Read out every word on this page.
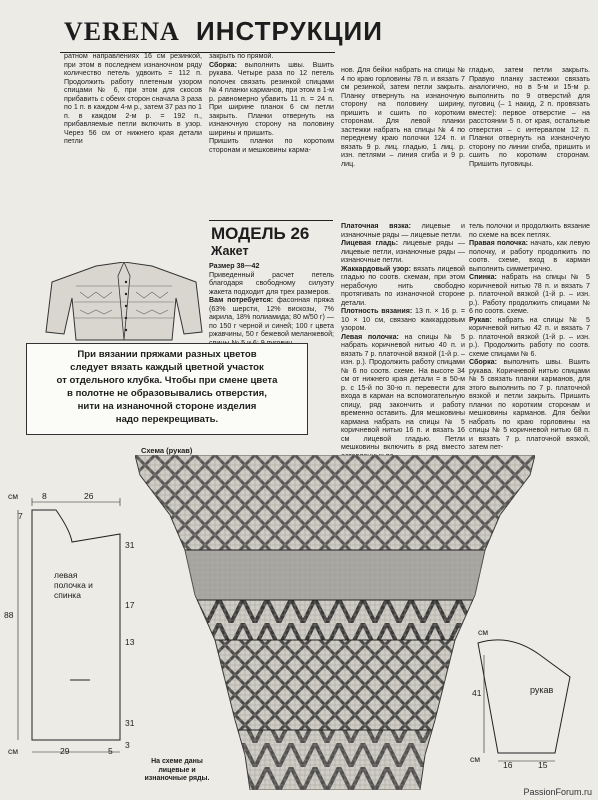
VERENA ИНСТРУКЦИИ

ратном направлениях 16 см резинкой, при этом в последнем изнаночном ряду количество петель удвоить = 112 п. Продолжить работу плетеным узором спицами № 6, при этом для скосов прибавить с обеих сторон сначала 3 раза по 1 п. в каждом 4-м р., затем 37 раз по 1 п. в каждом 2-м р. = 192 п., прибавляемые петли включить в узор. Через 56 см от нижнего края детали петли

закрыть по прямой.

Сборка: выполнить швы. Вшить рукава. Четыре раза по 12 петель полочек связать резинкой спицами № 4 планки карманов, при этом в 1-м р. равномерно убавить 11 п. = 24 п. При ширине планок 6 см петли закрыть. Планки отвернуть на изнаночную сторону на половину ширины и пришить.

Пришить планки по коротким сторонам и мешковины карма-

нов. Для бейки набрать на спицы № 4 по краю горловины 78 п. и вязать 7 см резинкой, затем петли закрыть. Планку отвернуть на изнаночную сторону на половину ширину, пришить и сшить по коротким сторонам. Для левой планки застежки набрать на спицы № 4 по переднему краю полочки 124 п. и вязать 9 р. лиц. гладью, 1 лиц. р. изн. петлями – линия сгиба и 9 р. лиц.

гладью, затем петли закрыть. Правую планку застежки связать аналогично, но в 5-м и 15-м р. выполнить по 9 отверстий для пуговиц (– 1 накид, 2 п. провязать вместе): первое отверстие – на расстоянии 5 п. от края, остальные отверстия – с интервалом 12 п. Планки отвернуть на изнаночную сторону по линии сгиба, пришить и сшить по коротким сторонам. Пришить пуговицы.

МОДЕЛЬ 26
Жакет

Размер 38—42

Приведенный расчет петель благодаря свободному силуэту жакета подходит для трех размеров.

Вам потребуется: фасонная пряжа (63% шерсти, 12% вискозы, 7% акрила, 18% полиамида; 80 м/50 г) — по 150 г черной и синей; 100 г цвета ржавчины, 50 г бежевой меланжевой;

При вязании пряжами разных цветов
следует вязать каждый цветной участок
от отдельного клубка. Чтобы при смене цвета
в полотне не образовывались отверстия,
нити на изнаночной стороне изделия
надо перекрещивать.

Платочная вязка: лицевые и изнаночные ряды — лицевые петли.

Лицевая гладь: лицевые ряды — лицевые петли, изнаночные ряды — изнаночные петли.

Жаккардовый узор: вязать лицевой гладью по соотв. схемам, при этом нерабочую нить свободно протягивать по изнаночной стороне детали.

Плотность вязания: 13 п. × 16 р. = 10 × 10 см, связано жаккардовым узором.

Левая полочка: на спицы № 5 набрать коричневой нитью 40 п. и вязать 7 р. платочной вязкой (1-й р. – изн. р.). Продолжить работу спицами № 6 по соотв. схеме. На высоте 34 см от нижнего края детали = в 50-м р. с 15-й по 30-ю п. перевести для входа в карман на вспомогательную спицу, ряд закончить и работу временно оставить. Для мешковины кармана набрать на спицы № 5 коричневой нитью 16 п. и вязать 16 см лицевой гладью. Петли мешковины включить в ряд вместо

тель полочки и продолжить вязание по схеме на всех петлях.

Правая полочка: начать, как левую полочку, и работу продолжить по соотв. схеме, вход в карман выполнить симметрично.

Спинка: набрать на спицы № 5 коричневой нитью 78 п. и вязать 7 р. платочной вязкой (1-й р. – изн. р.). Работу продолжить спицами № 6 по соотв. схеме.

Рукав: набрать на спицы № 5 коричневой нитью 42 п. и вязать 7 р. платочной вязкой (1-й р. – изн. р.). Продолжить работу по соотв. схеме спицами № 6.

Сборка: выполнить швы. Вшить рукава. Коричневой нитью спицами № 5 связать планки карманов, для этого выполнить по 7 р. платочной вязкой и петли закрыть. Пришить планки по коротким сторонам и мешковины карманов. Для бейки набрать по краю горловины на спицы № 5 коричневой нитью 68 п. и вязать 7 р. платочной вязкой, затем пет-

Схема (рукав)
31
17
13
31
3
На схеме даны лицевые и изнаночные ряды.
8	26
см
7
88
левая полочка и спинка
см	29	5
см
41	рукав
см
16	15
PassionForum.ru
